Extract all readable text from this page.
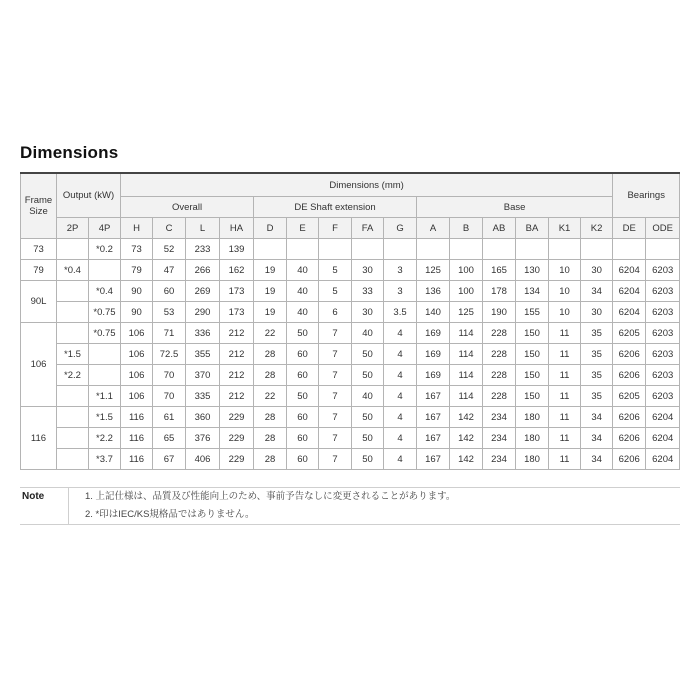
Dimensions
Frame Size	Output (kW)		Dimensions (mm)															Bearings	
			Overall				DE Shaft extension					Base							
	2P	4P	H	C	L	HA	D	E	F	FA	G	A	B	AB	BA	K1	K2	DE	ODE
73		*0.2	73	52	233	139													
79	*0.4		79	47	266	162	19	40	5	30	3	125	100	165	130	10	30	6204	6203
90L		*0.4	90	60	269	173	19	40	5	33	3	136	100	178	134	10	34	6204	6203
		*0.75	90	53	290	173	19	40	6	30	3.5	140	125	190	155	10	30	6204	6203
106		*0.75	106	71	336	212	22	50	7	40	4	169	114	228	150	11	35	6205	6203
	*1.5		106	72.5	355	212	28	60	7	50	4	169	114	228	150	11	35	6206	6203
	*2.2		106	70	370	212	28	60	7	50	4	169	114	228	150	11	35	6206	6203
		*1.1	106	70	335	212	22	50	7	40	4	167	114	228	150	11	35	6205	6203
116		*1.5	116	61	360	229	28	60	7	50	4	167	142	234	180	11	34	6206	6204
		*2.2	116	65	376	229	28	60	7	50	4	167	142	234	180	11	34	6206	6204
		*3.7	116	67	406	229	28	60	7	50	4	167	142	234	180	11	34	6206	6204
Note	1. 上記仕様は、品質及び性能向上のため、事前予告なしに変更されることがあります。
2. *印はIEC/KS規格品ではありません。
